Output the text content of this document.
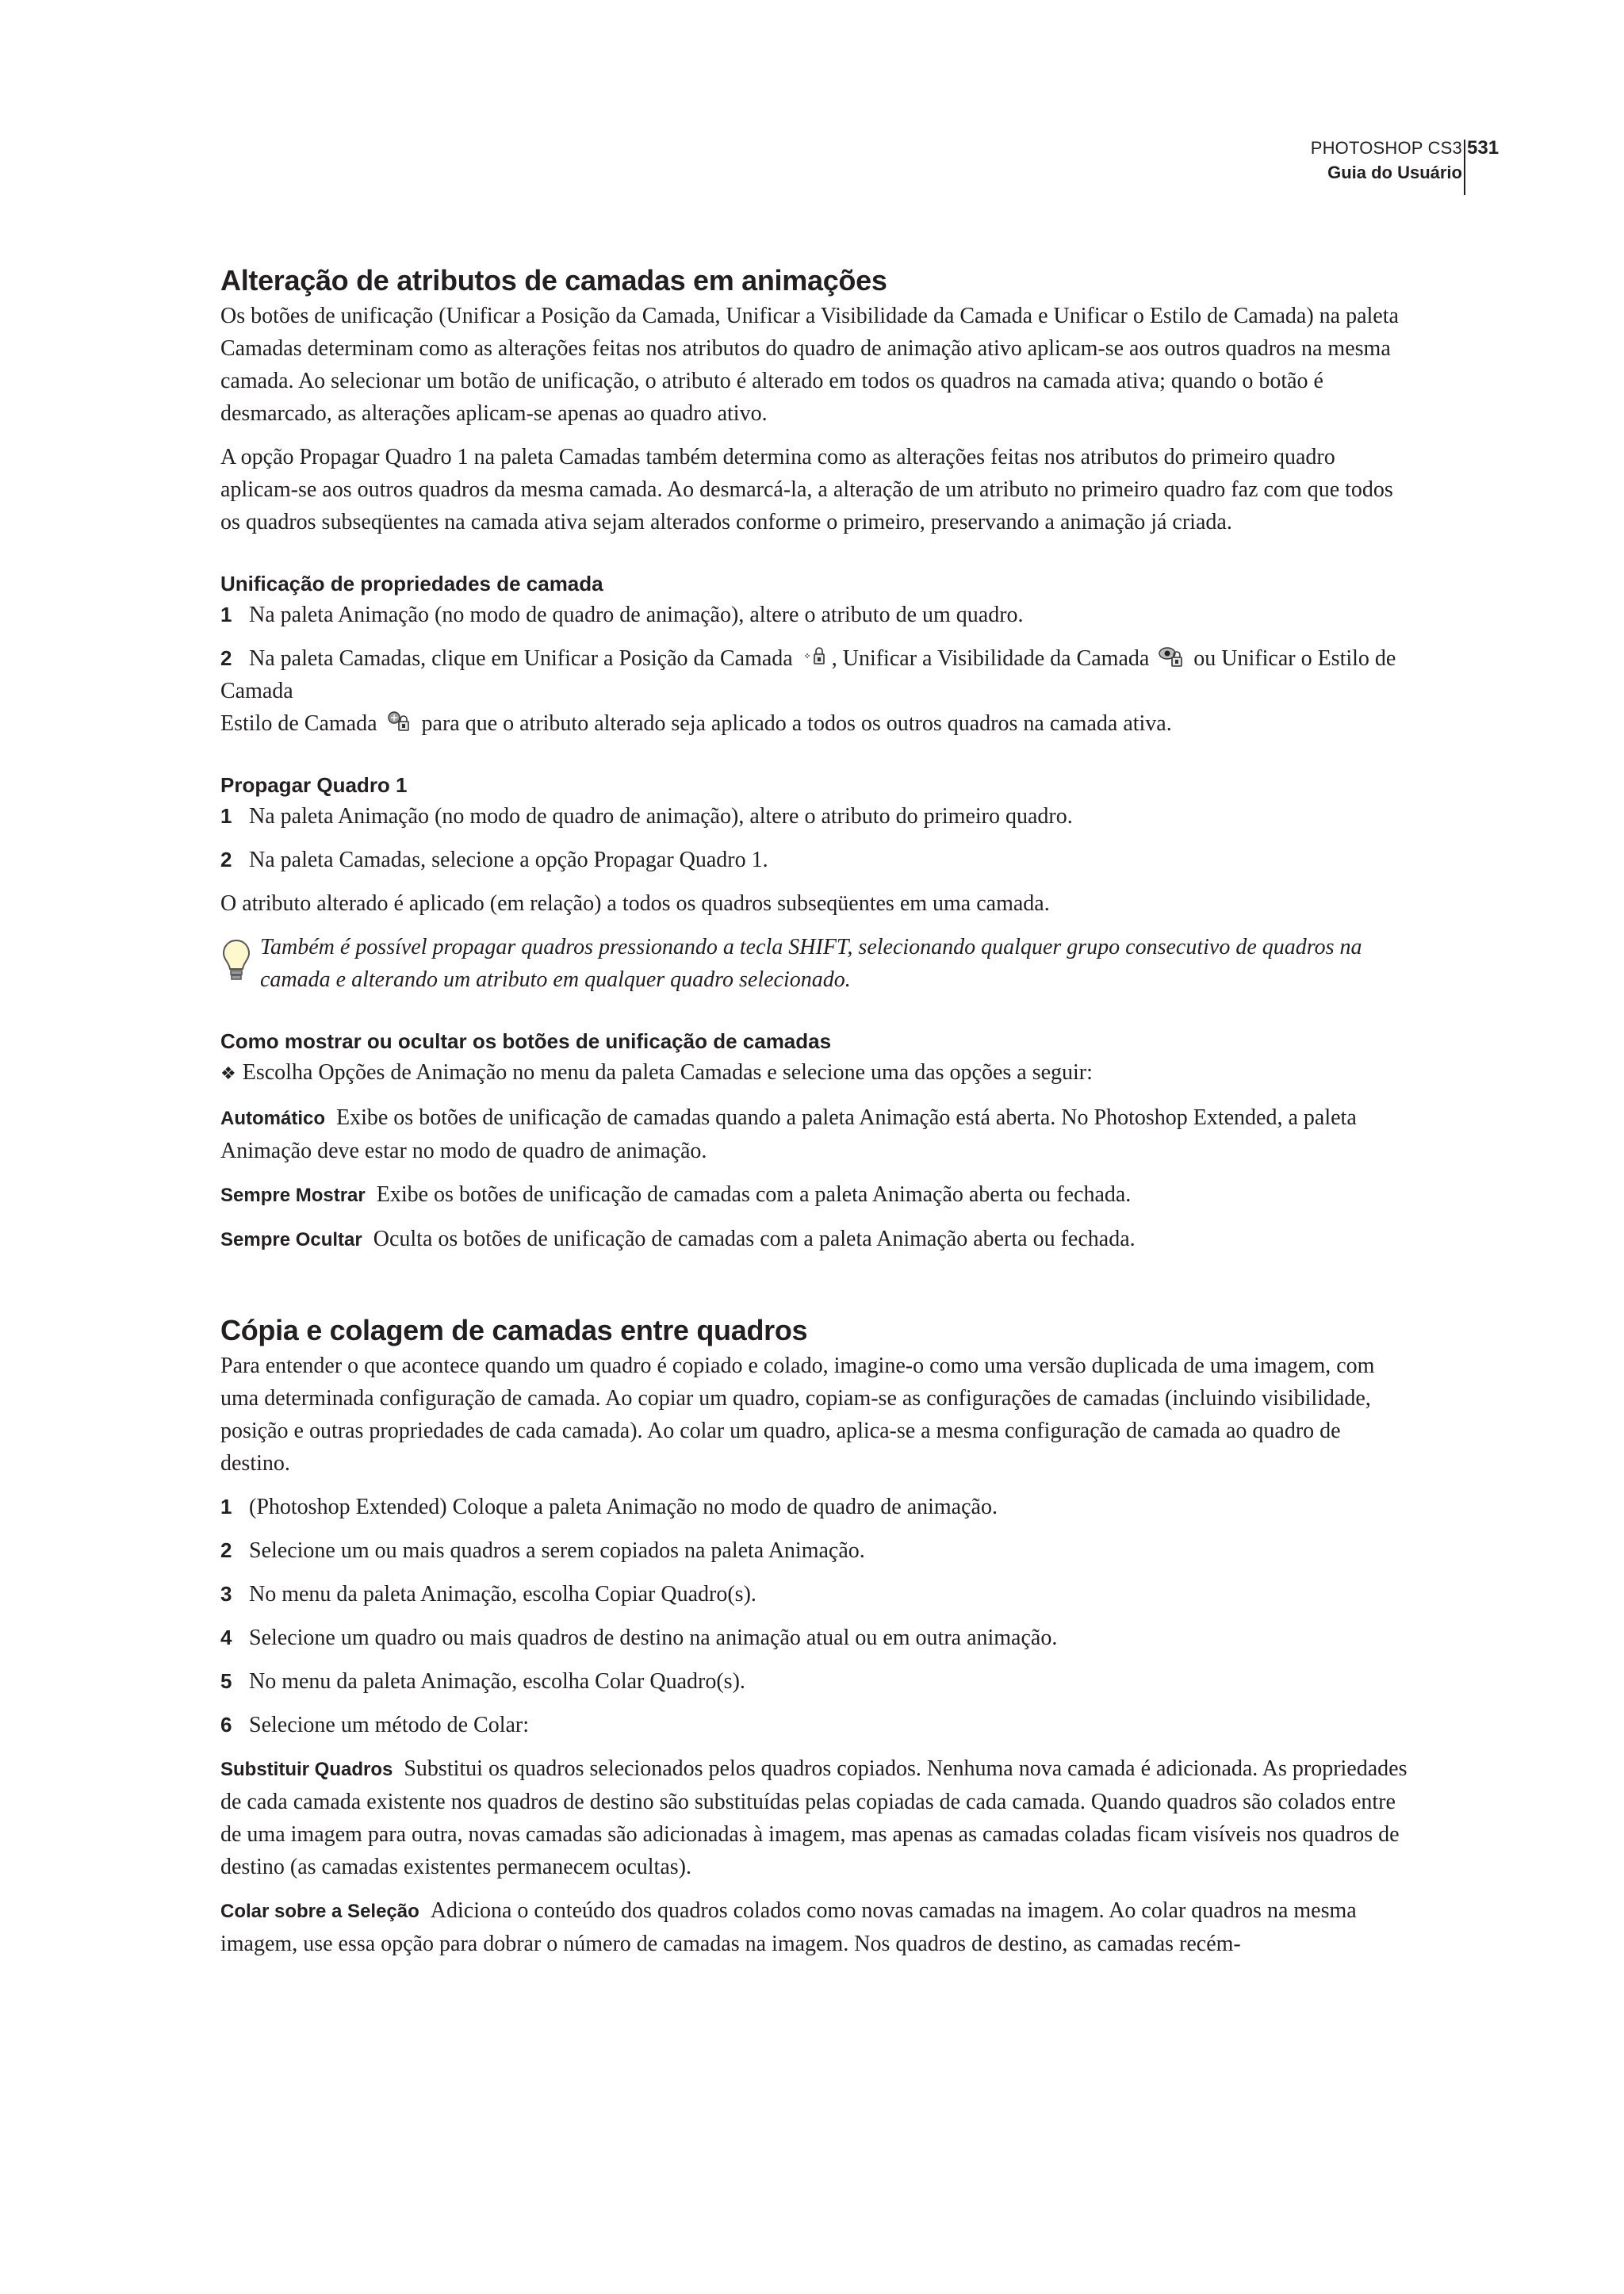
PHOTOSHOP CS3
Guia do Usuário
531
Alteração de atributos de camadas em animações

Os botões de unificação (Unificar a Posição da Camada, Unificar a Visibilidade da Camada e Unificar o Estilo de Camada) na paleta Camadas determinam como as alterações feitas nos atributos do quadro de animação ativo aplicam-se aos outros quadros na mesma camada. Ao selecionar um botão de unificação, o atributo é alterado em todos os quadros na camada ativa; quando o botão é desmarcado, as alterações aplicam-se apenas ao quadro ativo.

A opção Propagar Quadro 1 na paleta Camadas também determina como as alterações feitas nos atributos do primeiro quadro aplicam-se aos outros quadros da mesma camada. Ao desmarcá-la, a alteração de um atributo no primeiro quadro faz com que todos os quadros subseqüentes na camada ativa sejam alterados conforme o primeiro, preservando a animação já criada.

Unificação de propriedades de camada

1 Na paleta Animação (no modo de quadro de animação), altere o atributo de um quadro.

2 Na paleta Camadas, clique em Unificar a Posição da Camada , Unificar a Visibilidade da Camada  ou Unificar o Estilo de Camada
Estilo de Camada  para que o atributo alterado seja aplicado a todos os outros quadros na camada ativa.

Propagar Quadro 1

1 Na paleta Animação (no modo de quadro de animação), altere o atributo do primeiro quadro.

2 Na paleta Camadas, selecione a opção Propagar Quadro 1.

O atributo alterado é aplicado (em relação) a todos os quadros subseqüentes em uma camada.

Também é possível propagar quadros pressionando a tecla SHIFT, selecionando qualquer grupo consecutivo de quadros na camada e alterando um atributo em qualquer quadro selecionado.
Como mostrar ou ocultar os botões de unificação de camadas

❖ Escolha Opções de Animação no menu da paleta Camadas e selecione uma das opções a seguir:

Automático Exibe os botões de unificação de camadas quando a paleta Animação está aberta. No Photoshop Extended, a paleta Animação deve estar no modo de quadro de animação.

Sempre Mostrar Exibe os botões de unificação de camadas com a paleta Animação aberta ou fechada.

Sempre Ocultar Oculta os botões de unificação de camadas com a paleta Animação aberta ou fechada.

Cópia e colagem de camadas entre quadros

Para entender o que acontece quando um quadro é copiado e colado, imagine-o como uma versão duplicada de uma imagem, com uma determinada configuração de camada. Ao copiar um quadro, copiam-se as configurações de camadas (incluindo visibilidade, posição e outras propriedades de cada camada). Ao colar um quadro, aplica-se a mesma configuração de camada ao quadro de destino.

1 (Photoshop Extended) Coloque a paleta Animação no modo de quadro de animação.

2 Selecione um ou mais quadros a serem copiados na paleta Animação.

3 No menu da paleta Animação, escolha Copiar Quadro(s).

4 Selecione um quadro ou mais quadros de destino na animação atual ou em outra animação.

5 No menu da paleta Animação, escolha Colar Quadro(s).

6 Selecione um método de Colar:

Substituir Quadros Substitui os quadros selecionados pelos quadros copiados. Nenhuma nova camada é adicionada. As propriedades de cada camada existente nos quadros de destino são substituídas pelas copiadas de cada camada. Quando quadros são colados entre de uma imagem para outra, novas camadas são adicionadas à imagem, mas apenas as camadas coladas ficam visíveis nos quadros de destino (as camadas existentes permanecem ocultas).

Colar sobre a Seleção Adiciona o conteúdo dos quadros colados como novas camadas na imagem. Ao colar quadros na mesma imagem, use essa opção para dobrar o número de camadas na imagem. Nos quadros de destino, as camadas recém-
